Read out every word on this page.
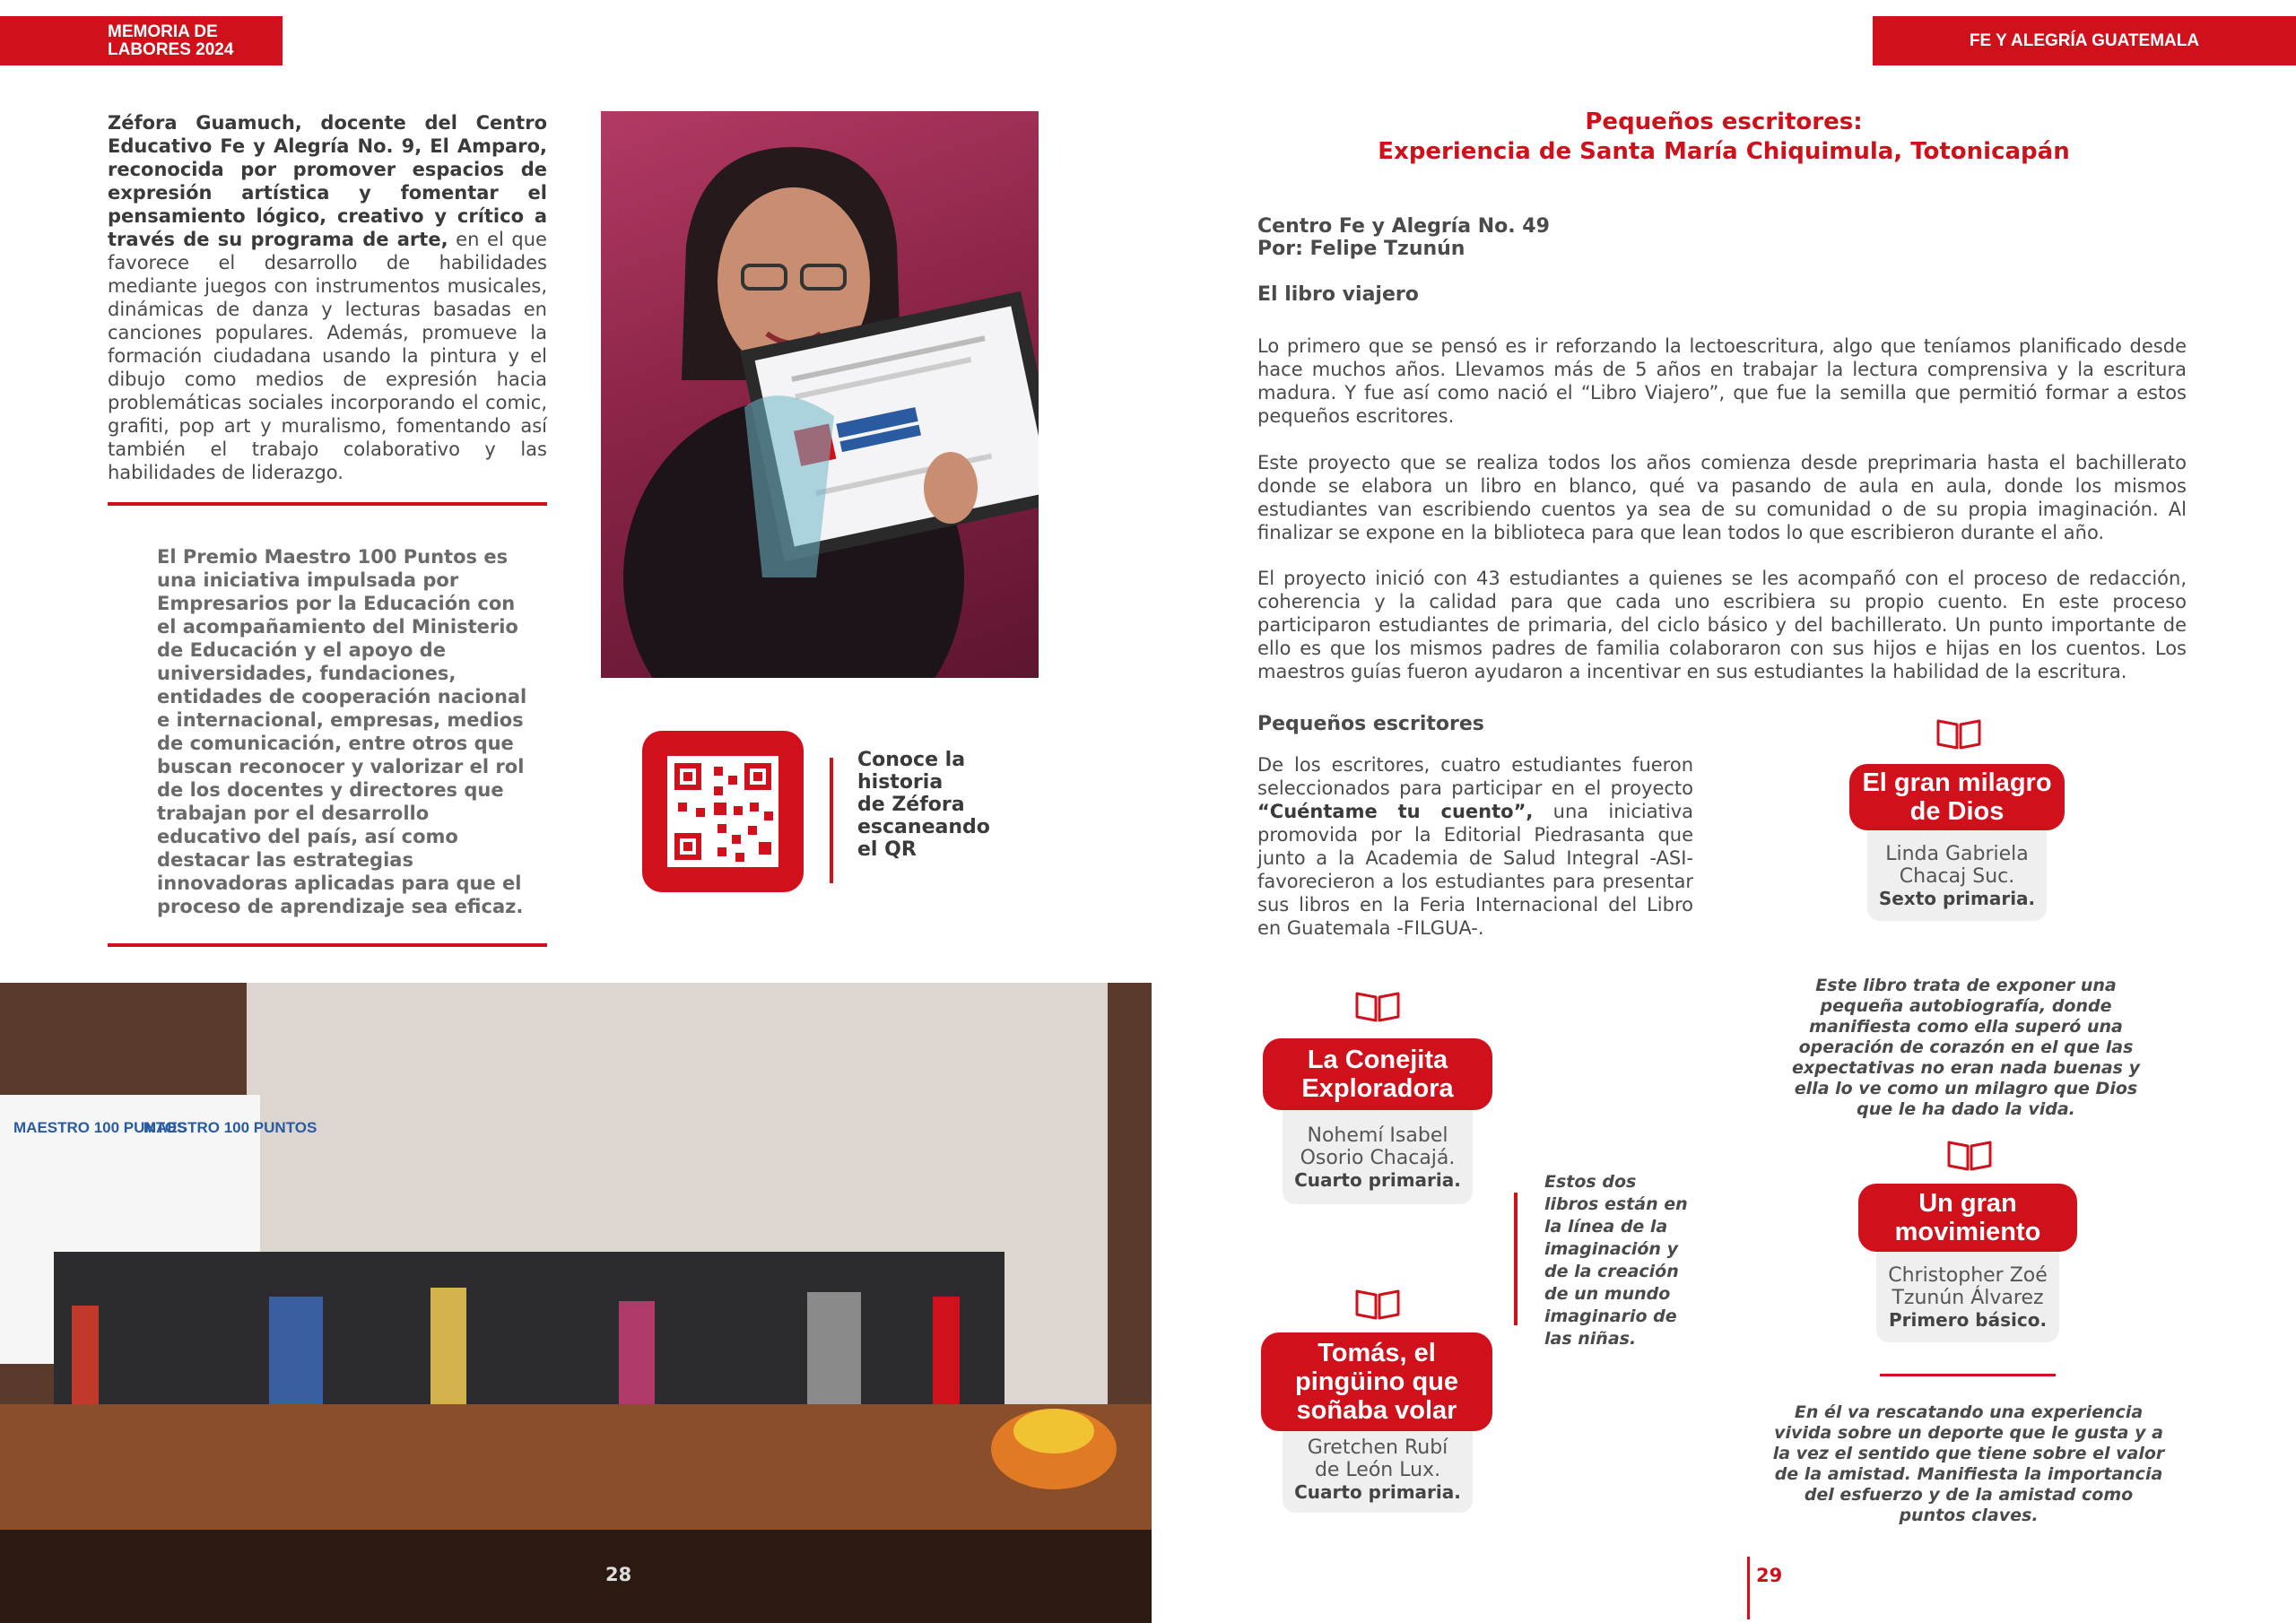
MEMORIA DE
LABORES 2024	FE Y ALEGRÍA GUATEMALA
Zéfora Guamuch, docente del Centro Educativo Fe y Alegría No. 9, El Amparo, reconocida por promover espacios de expresión artística y fomentar el pensamiento lógico, creativo y crítico a través de su programa de arte, en el que favorece el desarrollo de habilidades mediante juegos con instrumentos musicales, dinámicas de danza y lecturas basadas en canciones populares. Además, promueve la formación ciudadana usando la pintura y el dibujo como medios de expresión hacia problemáticas sociales incorporando el comic, grafiti, pop art y muralismo, fomentando así también el trabajo colaborativo y las habilidades de liderazgo.
El Premio Maestro 100 Puntos es una iniciativa impulsada por Empresarios por la Educación con el acompañamiento del Ministerio de Educación y el apoyo de universidades, fundaciones, entidades de cooperación nacional e internacional, empresas, medios de comunicación, entre otros que buscan reconocer y valorizar el rol de los docentes y directores que trabajan por el desarrollo educativo del país, así como destacar las estrategias innovadoras aplicadas para que el proceso de aprendizaje sea eficaz.
Conoce la
historia
de Zéfora
escaneando
el QR
MAESTRO 100 PUNTOS
MAESTRO 100 PUNTOS
28
Pequeños escritores:
Experiencia de Santa María Chiquimula, Totonicapán
Centro Fe y Alegría No. 49
Por: Felipe Tzunún
El libro viajero
Lo primero que se pensó es ir reforzando la lectoescritura, algo que teníamos planificado desde hace muchos años. Llevamos más de 5 años en trabajar la lectura comprensiva y la escritura madura. Y fue así como nació el “Libro Viajero”, que fue la semilla que permitió formar a estos pequeños escritores.
Este proyecto que se realiza todos los años comienza desde preprimaria hasta el bachillerato donde se elabora un libro en blanco, qué va pasando de aula en aula, donde los mismos estudiantes van escribiendo cuentos ya sea de su comunidad o de su propia imaginación. Al finalizar se expone en la biblioteca para que lean todos lo que escribieron durante el año.
El proyecto inició con 43 estudiantes a quienes se les acompañó con el proceso de redacción, coherencia y la calidad para que cada uno escribiera su propio cuento. En este proceso participaron estudiantes de primaria, del ciclo básico y del bachillerato. Un punto importante de ello es que los mismos padres de familia colaboraron con sus hijos e hijas en los cuentos. Los maestros guías fueron ayudaron a incentivar en sus estudiantes la habilidad de la escritura.
Pequeños escritores
De los escritores, cuatro estudiantes fueron seleccionados para participar en el proyecto “Cuéntame tu cuento”, una iniciativa promovida por la Editorial Piedrasanta que junto a la Academia de Salud Integral -ASI- favorecieron a los estudiantes para presentar sus libros en la Feria Internacional del Libro en Guatemala -FILGUA-.
El gran milagro de Dios
Linda Gabriela
Chacaj Suc.
Sexto primaria.
Este libro trata de exponer una pequeña autobiografía, donde manifiesta como ella superó una operación de corazón en el que las expectativas no eran nada buenas y ella lo ve como un milagro que Dios que le ha dado la vida.
La Conejita Exploradora
Nohemí Isabel
Osorio Chacajá.
Cuarto primaria.	Estos dos libros están en la línea de la imaginación y de la creación de un mundo imaginario de las niñas.
Un gran movimiento
Christopher Zoé
Tzunún Álvarez
Primero básico.
En él va rescatando una experiencia vivida sobre un deporte que le gusta y a la vez el sentido que tiene sobre el valor de la amistad. Manifiesta la importancia del esfuerzo y de la amistad como puntos claves.
Tomás, el pingüino que soñaba volar
Gretchen Rubí
de León Lux.
Cuarto primaria.
29
